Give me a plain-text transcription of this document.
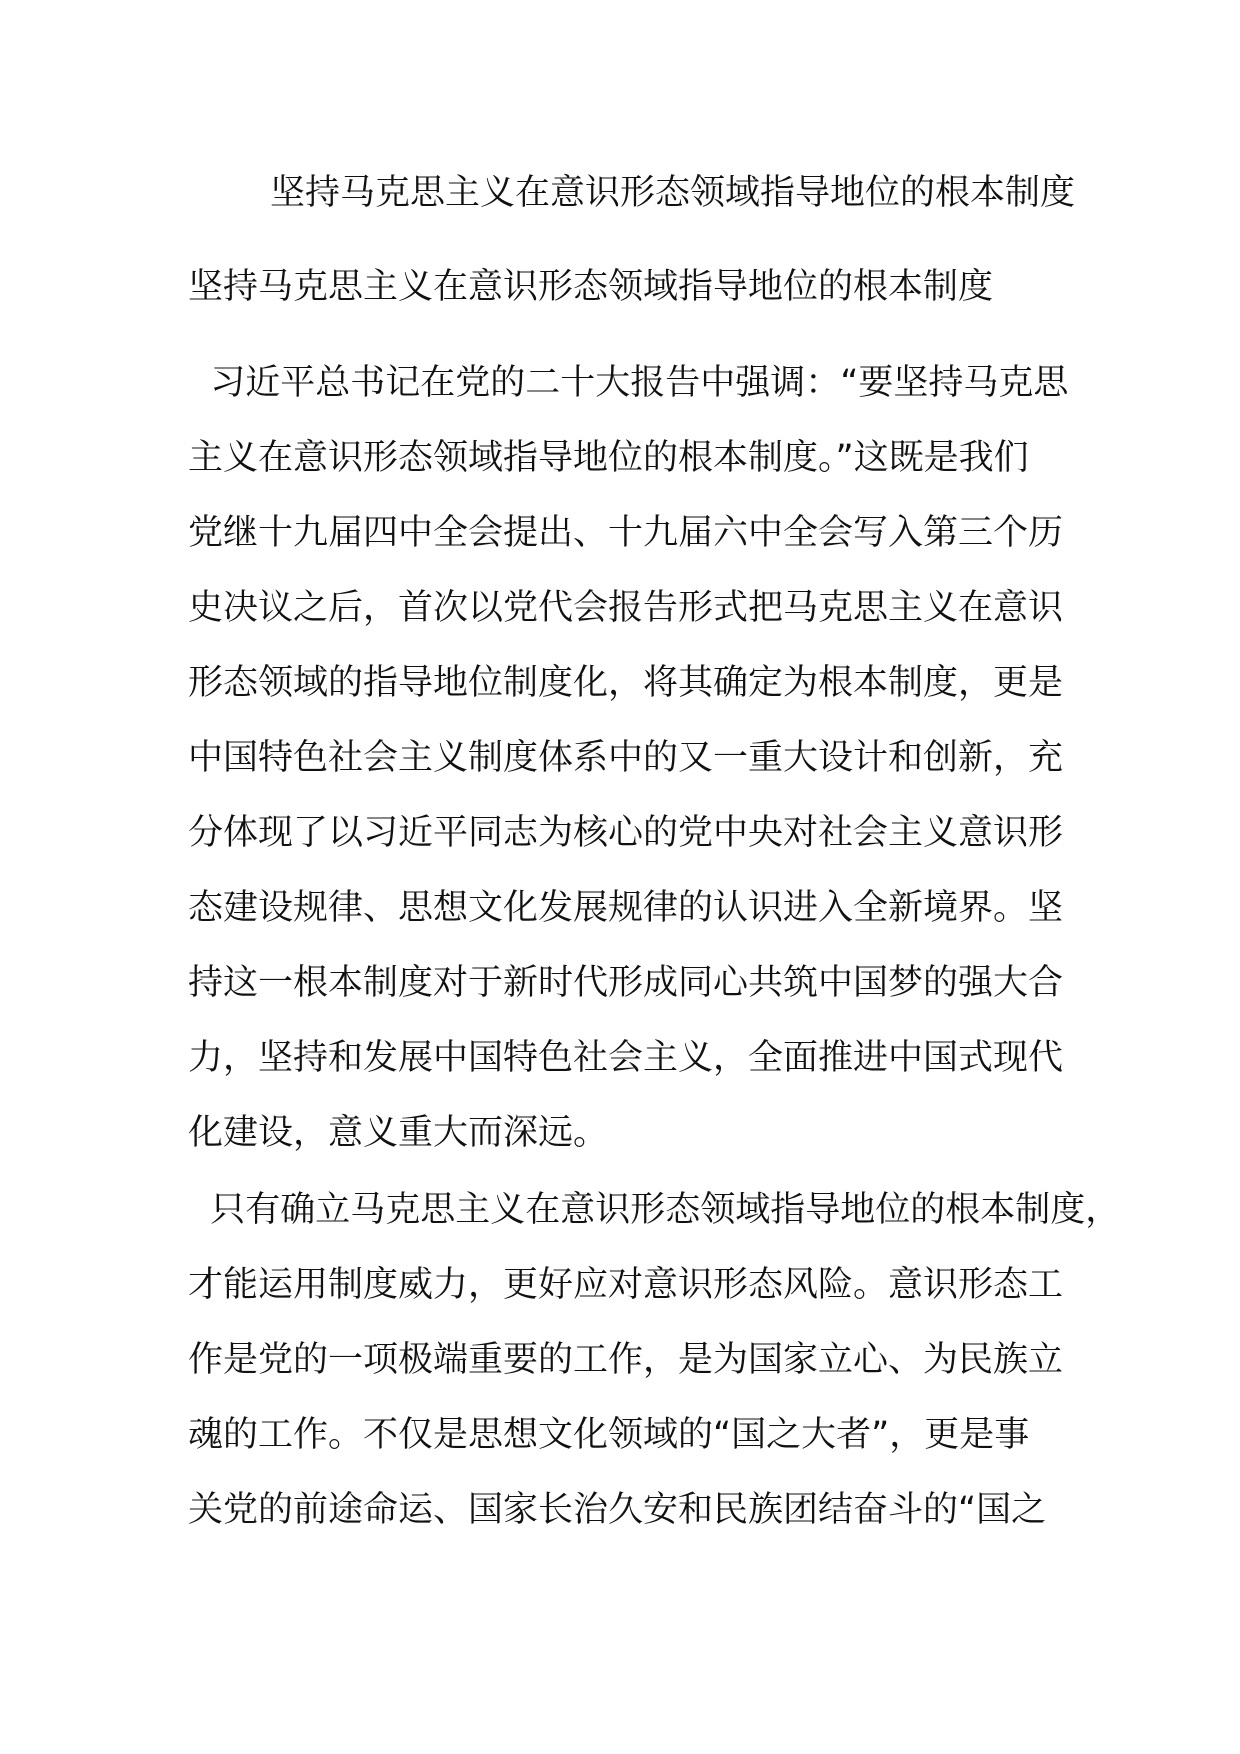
坚持马克思主义在意识形态领域指导地位的根本制度
坚持马克思主义在意识形态领域指导地位的根本制度
习近平总书记在党的二十大报告中强调：“要坚持马克思
主义在意识形态领域指导地位的根本制度。”这既是我们
党继十九届四中全会提出、十九届六中全会写入第三个历
史决议之后，首次以党代会报告形式把马克思主义在意识
形态领域的指导地位制度化，将其确定为根本制度，更是
中国特色社会主义制度体系中的又一重大设计和创新，充
分体现了以习近平同志为核心的党中央对社会主义意识形
态建设规律、思想文化发展规律的认识进入全新境界。坚
持这一根本制度对于新时代形成同心共筑中国梦的强大合
力，坚持和发展中国特色社会主义，全面推进中国式现代
化建设，意义重大而深远。
只有确立马克思主义在意识形态领域指导地位的根本制度，
才能运用制度威力，更好应对意识形态风险。意识形态工
作是党的一项极端重要的工作，是为国家立心、为民族立
魂的工作。不仅是思想文化领域的“国之大者”，更是事
关党的前途命运、国家长治久安和民族团结奋斗的“国之
